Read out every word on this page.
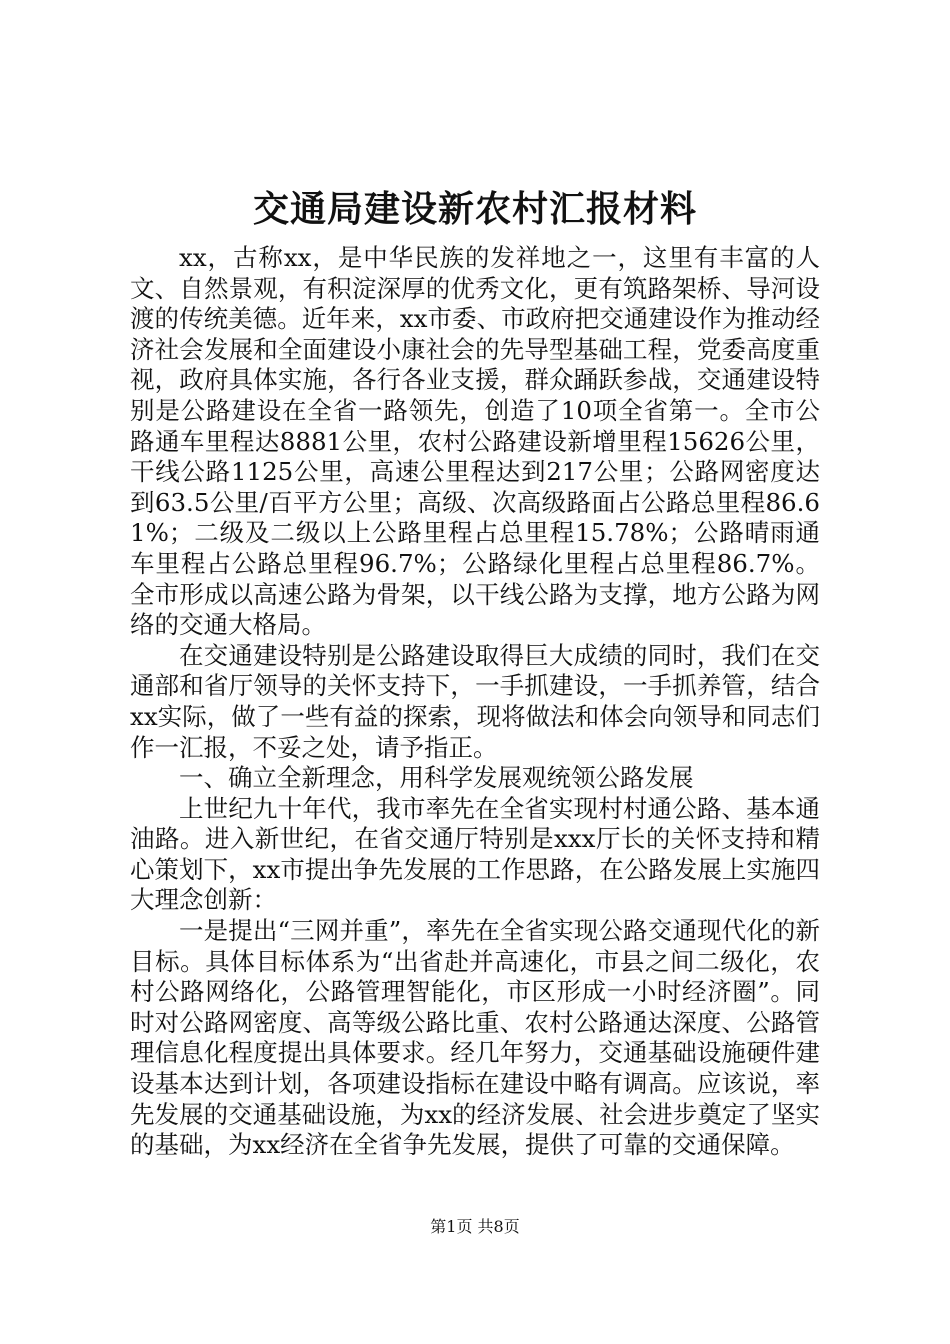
交通局建设新农村汇报材料

xx，古称xx，是中华民族的发祥地之一，这里有丰富的人文、自然景观，有积淀深厚的优秀文化，更有筑路架桥、导河设渡的传统美德。近年来，xx市委、市政府把交通建设作为推动经济社会发展和全面建设小康社会的先导型基础工程，党委高度重视，政府具体实施，各行各业支援，群众踊跃参战，交通建设特别是公路建设在全省一路领先，创造了10项全省第一。全市公路通车里程达8881公里，农村公路建设新增里程15626公里，干线公路1125公里，高速公里程达到217公里；公路网密度达到63.5公里/百平方公里；高级、次高级路面占公路总里程86.61%；二级及二级以上公路里程占总里程15.78%；公路晴雨通车里程占公路总里程96.7%；公路绿化里程占总里程86.7%。全市形成以高速公路为骨架，以干线公路为支撑，地方公路为网络的交通大格局。

在交通建设特别是公路建设取得巨大成绩的同时，我们在交通部和省厅领导的关怀支持下，一手抓建设，一手抓养管，结合xx实际，做了一些有益的探索，现将做法和体会向领导和同志们作一汇报，不妥之处，请予指正。

一、确立全新理念，用科学发展观统领公路发展

上世纪九十年代，我市率先在全省实现村村通公路、基本通油路。进入新世纪，在省交通厅特别是xxx厅长的关怀支持和精心策划下，xx市提出争先发展的工作思路，在公路发展上实施四大理念创新：

一是提出“三网并重”，率先在全省实现公路交通现代化的新目标。具体目标体系为“出省赴并高速化，市县之间二级化，农村公路网络化，公路管理智能化，市区形成一小时经济圈”。同时对公路网密度、高等级公路比重、农村公路通达深度、公路管理信息化程度提出具体要求。经几年努力，交通基础设施硬件建设基本达到计划，各项建设指标在建设中略有调高。应该说，率先发展的交通基础设施，为xx的经济发展、社会进步奠定了坚实的基础，为xx经济在全省争先发展，提供了可靠的交通保障。

第1页 共8页
